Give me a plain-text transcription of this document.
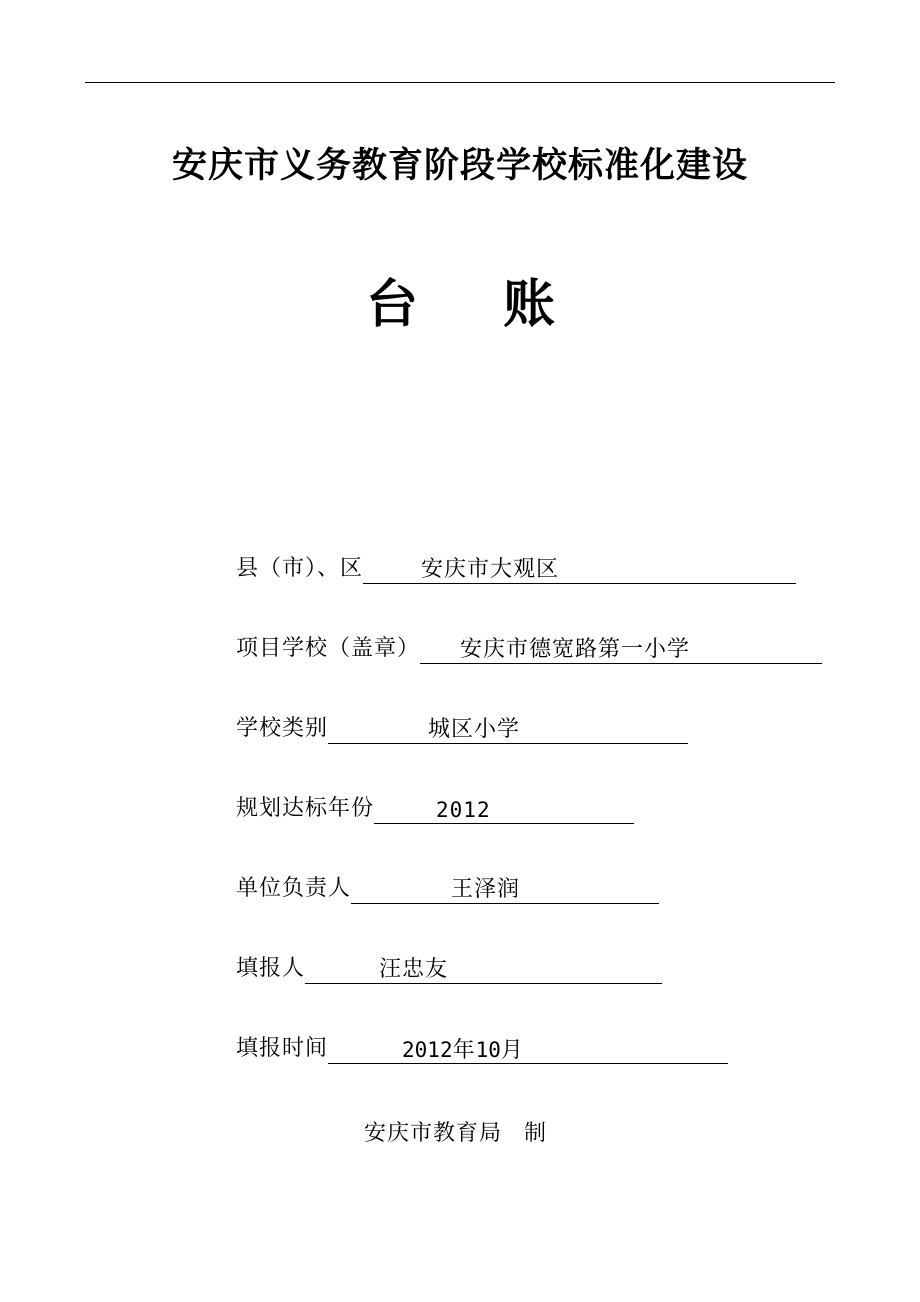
安庆市义务教育阶段学校标准化建设
台 账
县（市）、区	安庆市大观区
项目学校（盖章） 安庆市德宽路第一小学
学校类别	城区小学
规划达标年份	2012
单位负责人	王泽润
填报人	汪忠友
填报时间	2012年10月
安庆市教育局 制
